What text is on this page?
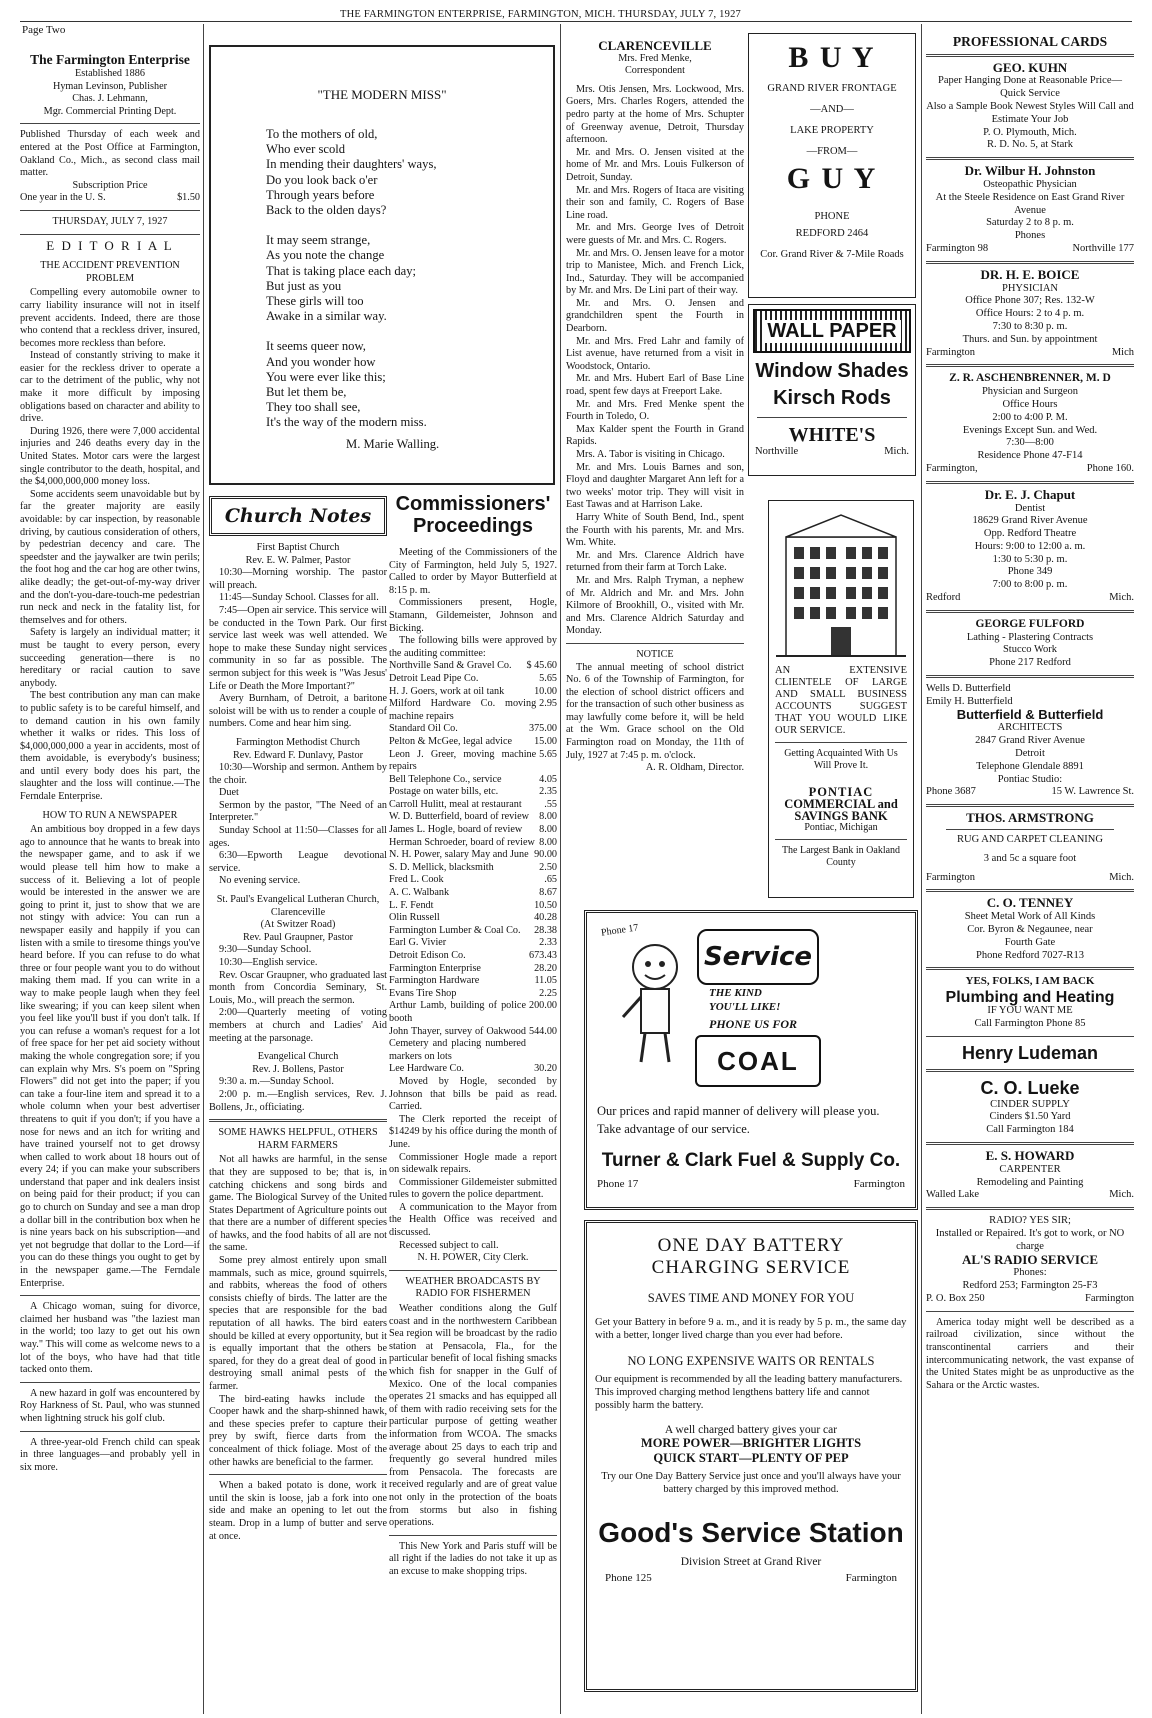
Page Two
THE FARMINGTON ENTERPRISE, FARMINGTON, MICH. THURSDAY, JULY 7, 1927
The Farmington Enterprise
Established 1886
Hyman Levinson, Publisher
Chas. J. Lehmann,
Mgr. Commercial Printing Dept.
Published Thursday of each week and entered at the Post Office at Farmington, Oakland Co., Mich., as second class mail matter.
Subscription Price
One year in the U. S.	$1.50
THURSDAY, JULY 7, 1927
E D I T O R I A L
THE ACCIDENT PREVENTION PROBLEM

Compelling every automobile owner to carry liability insurance will not in itself prevent accidents. Indeed, there are those who contend that a reckless driver, insured, becomes more reckless than before.

Instead of constantly striving to make it easier for the reckless driver to operate a car to the detriment of the public, why not make it more difficult by imposing obligations based on character and ability to drive.

During 1926, there were 7,000 accidental injuries and 246 deaths every day in the United States. Motor cars were the largest single contributor to the death, hospital, and the $4,000,000,000 money loss.

Some accidents seem unavoidable but by far the greater majority are easily avoidable: by car inspection, by reasonable driving, by cautious consideration of others, by pedestrian decency and care. The speedster and the jaywalker are twin perils; the foot hog and the car hog are other twins, alike deadly; the get-out-of-my-way driver and the don't-you-dare-touch-me pedestrian run neck and neck in the fatality list, for themselves and for others.

Safety is largely an individual matter; it must be taught to every person, every succeeding generation—there is no hereditary or racial caution to save anybody.

The best contribution any man can make to public safety is to be careful himself, and to demand caution in his own family whether it walks or rides. This loss of $4,000,000,000 a year in accidents, most of them avoidable, is everybody's business; and until every body does his part, the slaughter and the loss will continue.—The Ferndale Enterprise.

HOW TO RUN A NEWSPAPER

An ambitious boy dropped in a few days ago to announce that he wants to break into the newspaper game, and to ask if we would please tell him how to make a success of it. Believing a lot of people would be interested in the answer we are going to print it, just to show that we are not stingy with advice: You can run a newspaper easily and happily if you can listen with a smile to tiresome things you've heard before. If you can refuse to do what three or four people want you to do without making them mad. If you can write in a way to make people laugh when they feel like swearing; if you can keep silent when you feel like you'll bust if you don't talk. If you can refuse a woman's request for a lot of free space for her pet aid society without making the whole congregation sore; if you can explain why Mrs. S's poem on "Spring Flowers" did not get into the paper; if you can take a four-line item and spread it to a whole column when your best advertiser threatens to quit if you don't; if you have a nose for news and an itch for writing and have trained yourself not to get drowsy when called to work about 18 hours out of every 24; if you can make your subscribers understand that paper and ink dealers insist on being paid for their product; if you can go to church on Sunday and see a man drop a dollar bill in the contribution box when he is nine years back on his subscription—and yet not begrudge that dollar to the Lord—if you can do these things you ought to get by in the newspaper game.—The Ferndale Enterprise.

A Chicago woman, suing for divorce, claimed her husband was "the laziest man in the world; too lazy to get out his own way." This will come as welcome news to a lot of the boys, who have had that title tacked onto them.

A new hazard in golf was encountered by Roy Harkness of St. Paul, who was stunned when lightning struck his golf club.

A three-year-old French child can speak in three languages—and probably yell in six more.

"THE MODERN MISS"
To the mothers of old,
Who ever scold
In mending their daughters' ways,
Do you look back o'er
Through years before
Back to the olden days?
It may seem strange,
As you note the change
That is taking place each day;
But just as you
These girls will too
Awake in a similar way.
It seems queer now,
And you wonder how
You were ever like this;
But let them be,
They too shall see,
It's the way of the modern miss.
M. Marie Walling.
Church Notes
First Baptist Church
Rev. E. W. Palmer, Pastor
10:30—Morning worship. The pastor will preach.
11:45—Sunday School. Classes for all.
7:45—Open air service. This service will be conducted in the Town Park. Our first service last week was well attended. We hope to make these Sunday night services community in so far as possible. The sermon subject for this week is "Was Jesus' Life or Death the More Important?"
Avery Burnham, of Detroit, a baritone soloist will be with us to render a couple of numbers. Come and hear him sing.
Farmington Methodist Church
Rev. Edward F. Dunlavy, Pastor
10:30—Worship and sermon. Anthem by the choir.
Duet
Sermon by the pastor, "The Need of an Interpreter."
Sunday School at 11:50—Classes for all ages.
6:30—Epworth League devotional service.
No evening service.
St. Paul's Evangelical Lutheran Church, Clarenceville
(At Switzer Road)
Rev. Paul Graupner, Pastor
9:30—Sunday School.
10:30—English service.
Rev. Oscar Graupner, who graduated last month from Concordia Seminary, St. Louis, Mo., will preach the sermon.
2:00—Quarterly meeting of voting members at church and Ladies' Aid meeting at the parsonage.
Evangelical Church
Rev. J. Bollens, Pastor
9:30 a. m.—Sunday School.
2:00 p. m.—English services, Rev. J. Bollens, Jr., officiating.
SOME HAWKS HELPFUL, OTHERS HARM FARMERS

Not all hawks are harmful, in the sense that they are supposed to be; that is, in catching chickens and song birds and game. The Biological Survey of the United States Department of Agriculture points out that there are a number of different species of hawks, and the food habits of all are not the same.

Some prey almost entirely upon small mammals, such as mice, ground squirrels, and rabbits, whereas the food of others consists chiefly of birds. The latter are the species that are responsible for the bad reputation of all hawks. The bird eaters should be killed at every opportunity, but it is equally important that the others be spared, for they do a great deal of good in destroying small animal pests of the farmer.

The bird-eating hawks include the Cooper hawk and the sharp-shinned hawk, and these species prefer to capture their prey by swift, fierce darts from the concealment of thick foliage. Most of the other hawks are beneficial to the farmer.

When a baked potato is done, work it until the skin is loose, jab a fork into one side and make an opening to let out the steam. Drop in a lump of butter and serve at once.

Commissioners' Proceedings

Meeting of the Commissioners of the City of Farmington, held July 5, 1927. Called to order by Mayor Butterfield at 8:15 p. m.

Commissioners present, Hogle, Stamann, Gildemeister, Johnson and Bicking.

The following bills were approved by the auditing committee:

Northville Sand & Gravel Co. $ 45.60
Detroit Lead Pipe Co.	5.65
H. J. Goers, work at oil tank	10.00
Milford Hardware Co. moving machine repairs
2.95
Standard Oil Co.	375.00
Pelton & McGee, legal advice 15.00
Leon J. Greer, moving machine repairs
5.65
Bell Telephone Co., service	4.05
Postage on water bills, etc.	2.35
Carroll Hulitt, meal at restaurant .55
W. D. Butterfield, board of review 8.00
James L. Hogle, board of review 8.00
Herman Schroeder, board of review 8.00
N. H. Power, salary May and June 90.00
S. D. Mellick, blacksmith	2.50
Fred L. Cook	.65
A. C. Walbank	8.67
L. F. Fendt	10.50
Olin Russell	40.28
Farmington Lumber & Coal Co. 28.38
Earl G. Vivier	2.33
Detroit Edison Co.	673.43
Farmington Enterprise	28.20
Farmington Hardware	11.05
Evans Tire Shop	2.25
Arthur Lamb, building of police booth
200.00
John Thayer, survey of Oakwood Cemetery and placing numbered markers on lots
544.00
Lee Hardware Co.	30.20

Moved by Hogle, seconded by Johnson that bills be paid as read. Carried.

The Clerk reported the receipt of $14249 by his office during the month of June.

Commissioner Hogle made a report on sidewalk repairs.

Commissioner Gildemeister submitted rules to govern the police department.

A communication to the Mayor from the Health Office was received and discussed.

Recessed subject to call.

N. H. POWER, City Clerk.
WEATHER BROADCASTS BY RADIO FOR FISHERMEN

Weather conditions along the Gulf coast and in the northwestern Caribbean Sea region will be broadcast by the radio station at Pensacola, Fla., for the particular benefit of local fishing smacks which fish for snapper in the Gulf of Mexico. One of the local companies operates 21 smacks and has equipped all of them with radio receiving sets for the particular purpose of getting weather information from WCOA. The smacks average about 25 days to each trip and frequently go several hundred miles from Pensacola. The forecasts are received regularly and are of great value not only in the protection of the boats from storms but also in fishing operations.

This New York and Paris stuff will be all right if the ladies do not take it up as an excuse to make shopping trips.

CLARENCEVILLE
Mrs. Fred Menke,
Correspondent

Mrs. Otis Jensen, Mrs. Lockwood, Mrs. Goers, Mrs. Charles Rogers, attended the pedro party at the home of Mrs. Schupter of Greenway avenue, Detroit, Thursday afternoon.

Mr. and Mrs. O. Jensen visited at the home of Mr. and Mrs. Louis Fulkerson of Detroit, Sunday.

Mr. and Mrs. Rogers of Itaca are visiting their son and family, C. Rogers of Base Line road.

Mr. and Mrs. George Ives of Detroit were guests of Mr. and Mrs. C. Rogers.

Mr. and Mrs. O. Jensen leave for a motor trip to Manistee, Mich. and French Lick, Ind., Saturday. They will be accompanied by Mr. and Mrs. De Lini part of their way.

Mr. and Mrs. O. Jensen and grandchildren spent the Fourth in Dearborn.

Mr. and Mrs. Fred Lahr and family of List avenue, have returned from a visit in Woodstock, Ontario.

Mr. and Mrs. Hubert Earl of Base Line road, spent few days at Freeport Lake.

Mr. and Mrs. Fred Menke spent the Fourth in Toledo, O.

Max Kalder spent the Fourth in Grand Rapids.

Mrs. A. Tabor is visiting in Chicago.

Mr. and Mrs. Louis Barnes and son, Floyd and daughter Margaret Ann left for a two weeks' motor trip. They will visit in East Tawas and at Harrison Lake.

Harry White of South Bend, Ind., spent the Fourth with his parents, Mr. and Mrs. Wm. White.

Mr. and Mrs. Clarence Aldrich have returned from their farm at Torch Lake.

Mr. and Mrs. Ralph Tryman, a nephew of Mr. Aldrich and Mr. and Mrs. John Kilmore of Brookhill, O., visited with Mr. and Mrs. Clarence Aldrich Saturday and Monday.

NOTICE

The annual meeting of school district No. 6 of the Township of Farmington, for the election of school district officers and for the transaction of such other business as may lawfully come before it, will be held at the Wm. Grace school on the Old Farmington road on Monday, the 11th of July, 1927 at 7:45 p. m. o'clock.

A. R. Oldham, Director.
B U Y
GRAND RIVER FRONTAGE
—AND—
LAKE PROPERTY
—FROM—
G U Y
PHONE
REDFORD 2464
Cor. Grand River & 7-Mile Roads
WALL PAPER
Window Shades
Kirsch Rods
WHITE'S
Northville	Mich.
AN EXTENSIVE CLIENTELE OF LARGE AND SMALL BUSINESS ACCOUNTS SUGGEST THAT YOU WOULD LIKE OUR SERVICE.
Getting Acquainted With Us Will Prove It.
PONTIAC
COMMERCIAL and
SAVINGS BANK
Pontiac, Michigan
The Largest Bank in Oakland County
Phone 17
Service
THE KIND
YOU'LL LIKE!
PHONE US FOR
COAL
Our prices and rapid manner of delivery will please you. Take advantage of our service.
Turner & Clark Fuel & Supply Co.
Phone 17	Farmington
ONE DAY BATTERY
CHARGING SERVICE
SAVES TIME AND MONEY FOR YOU
Get your Battery in before 9 a. m., and it is ready by 5 p. m., the same day with a better, longer lived charge than you ever had before.
NO LONG EXPENSIVE WAITS OR RENTALS
Our equipment is recommended by all the leading battery manufacturers. This improved charging method lengthens battery life and cannot possibly harm the battery.
A well charged battery gives your car
MORE POWER—BRIGHTER LIGHTS
QUICK START—PLENTY OF PEP
Try our One Day Battery Service just once and you'll always have your battery charged by this improved method.
Good's Service Station
Division Street at Grand River
Phone 125	Farmington
PROFESSIONAL CARDS
GEO. KUHN
Paper Hanging Done at Reasonable Price— Quick Service
Also a Sample Book Newest Styles Will Call and Estimate Your Job
P. O. Plymouth, Mich.
R. D. No. 5, at Stark
Dr. Wilbur H. Johnston
Osteopathic Physician
At the Steele Residence on East Grand River Avenue
Saturday 2 to 8 p. m.
Phones
Farmington 98	Northville 177
DR. H. E. BOICE
PHYSICIAN
Office Phone 307; Res. 132-W
Office Hours: 2 to 4 p. m.
7:30 to 8:30 p. m.
Thurs. and Sun. by appointment
Farmington	Mich
Z. R. ASCHENBRENNER, M. D
Physician and Surgeon
Office Hours
2:00 to 4:00 P. M.
Evenings Except Sun. and Wed.
7:30—8:00
Residence Phone 47-F14
Farmington,	Phone 160.
Dr. E. J. Chaput
Dentist
18629 Grand River Avenue
Opp. Redford Theatre
Hours: 9:00 to 12:00 a. m.
1:30 to 5:30 p. m.
Phone 349
7:00 to 8:00 p. m.
Redford	Mich.
GEORGE FULFORD
Lathing - Plastering Contracts
Stucco Work
Phone 217 Redford
Wells D. Butterfield
Emily H. Butterfield
Butterfield & Butterfield
ARCHITECTS
2847 Grand River Avenue
Detroit
Telephone Glendale 8891
Pontiac Studio:
Phone 3687	15 W. Lawrence St.
THOS. ARMSTRONG
RUG AND CARPET CLEANING
3 and 5c a square foot
Farmington	Mich.
C. O. TENNEY
Sheet Metal Work of All Kinds
Cor. Byron & Negaunee, near
Fourth Gate
Phone Redford 7027-R13
YES, FOLKS, I AM BACK
Plumbing and Heating
IF YOU WANT ME
Call Farmington Phone 85
Henry Ludeman
C. O. Lueke
CINDER SUPPLY
Cinders $1.50 Yard
Call Farmington 184
E. S. HOWARD
CARPENTER
Remodeling and Painting
Walled Lake	Mich.
RADIO? YES SIR;
Installed or Repaired. It's got to work, or NO charge
AL'S RADIO SERVICE
Phones:
Redford 253; Farmington 25-F3
P. O. Box 250	Farmington

America today might well be described as a railroad civilization, since without the transcontinental carriers and their intercommunicating network, the vast expanse of the United States might be as unproductive as the Sahara or the Arctic wastes.
